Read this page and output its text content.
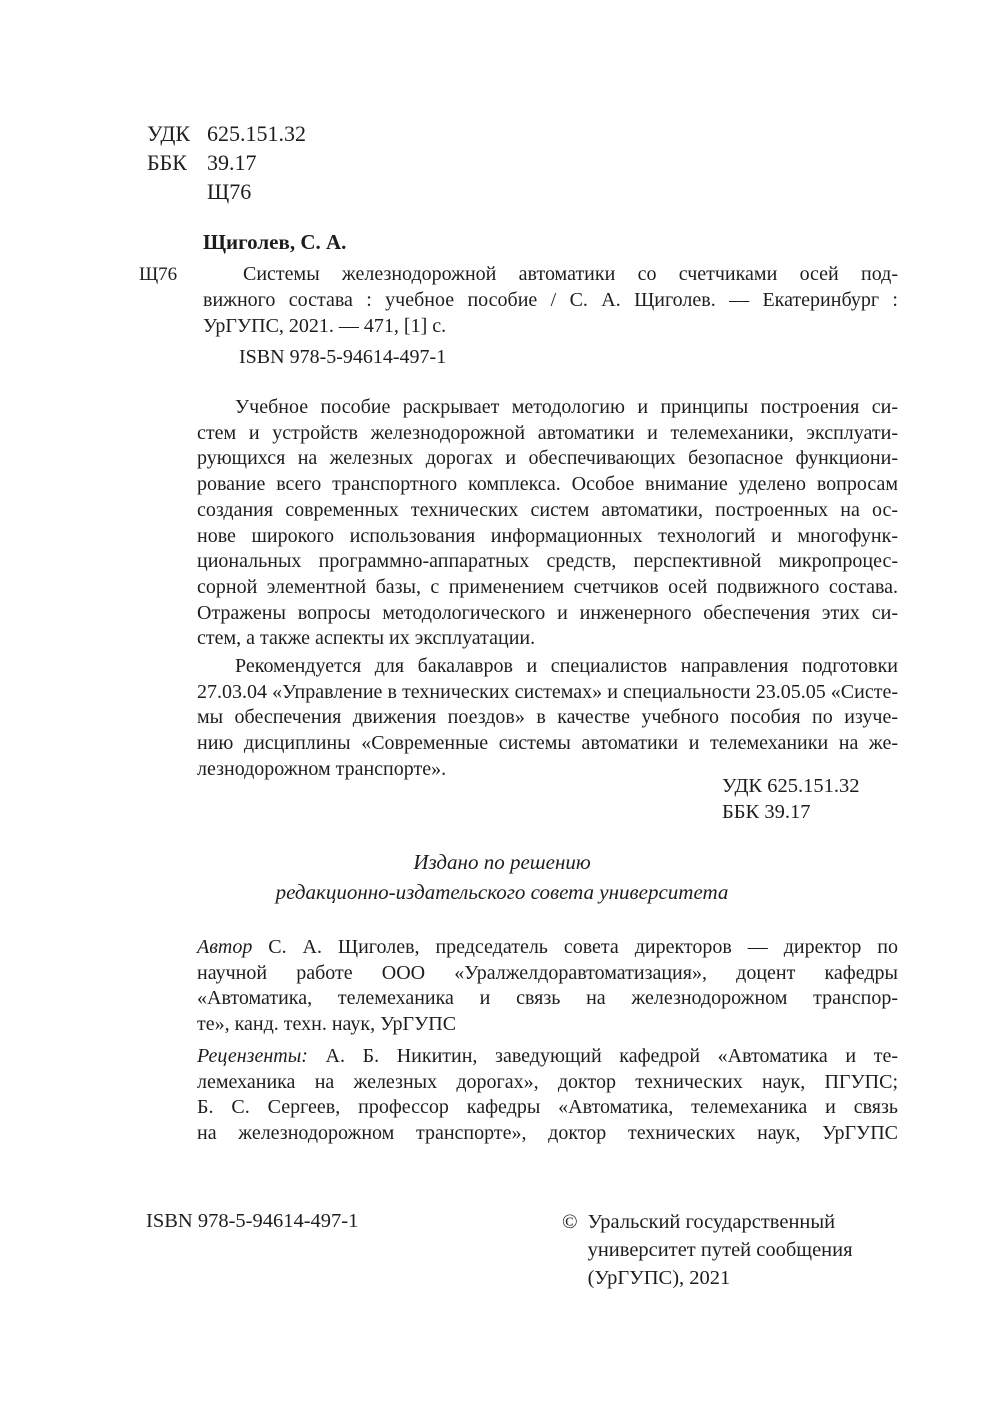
УДК 625.151.32
ББК 39.17
Щ76
Щиголев, С. А.
Щ76	Системы железнодорожной автоматики со счетчиками осей под-
вижного состава : учебное пособие / С. А. Щиголев. — Екатеринбург :
УрГУПС, 2021. — 471, [1] с.
ISBN 978-5-94614-497-1
Учебное пособие раскрывает методологию и принципы построения си-
стем и устройств железнодорожной автоматики и телемеханики, эксплуати-
рующихся на железных дорогах и обеспечивающих безопасное функциони-
рование всего транспортного комплекса. Особое внимание уделено вопросам
создания современных технических систем автоматики, построенных на ос-
нове широкого использования информационных технологий и многофунк-
циональных программно-аппаратных средств, перспективной микропроцес-
сорной элементной базы, с применением счетчиков осей подвижного состава.
Отражены вопросы методологического и инженерного обеспечения этих си-
стем, а также аспекты их эксплуатации.
Рекомендуется для бакалавров и специалистов направления подготовки
27.03.04 «Управление в технических системах» и специальности 23.05.05 «Систе-
мы обеспечения движения поездов» в качестве учебного пособия по изуче-
нию дисциплины «Современные системы автоматики и телемеханики на же-
лезнодорожном транспорте».
УДК 625.151.32
ББК 39.17
Издано по решению
редакционно-издательского совета университета
Автор С. А. Щиголев, председатель совета директоров — директор по
научной работе ООО «Уралжелдоравтоматизация», доцент кафедры
«Автоматика, телемеханика и связь на железнодорожном транспор-
те», канд. техн. наук, УрГУПС
Рецензенты: А. Б. Никитин, заведующий кафедрой «Автоматика и те-
лемеханика на железных дорогах», доктор технических наук, ПГУПС;
Б. С. Сергеев, профессор кафедры «Автоматика, телемеханика и связь
на железнодорожном транспорте», доктор технических наук, УрГУПС
ISBN 978-5-94614-497-1	© Уральский государственный
университет путей сообщения
(УрГУПС), 2021
